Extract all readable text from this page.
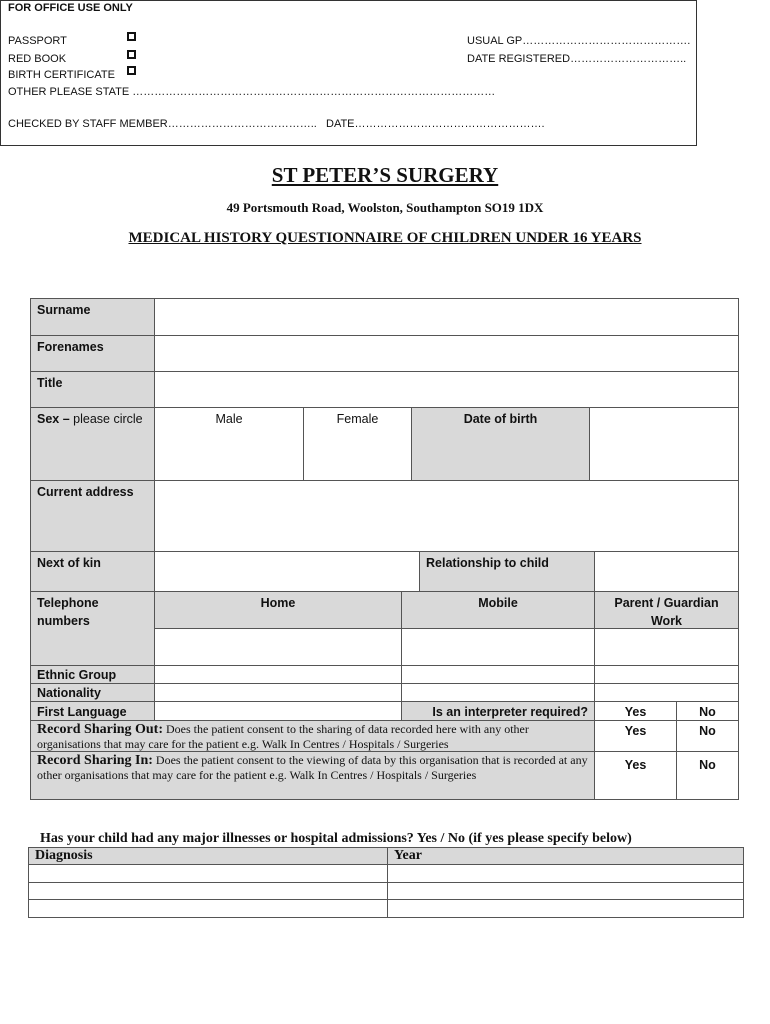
FOR OFFICE USE ONLY
PASSPORT
RED BOOK
BIRTH CERTIFICATE
OTHER PLEASE STATE ………………………………………………………………………………………
CHECKED BY STAFF MEMBER………………………………….. DATE…………………………………………….
USUAL GP……………………………………….
DATE REGISTERED…………………………..
ST PETER’S SURGERY
49 Portsmouth Road, Woolston, Southampton SO19 1DX
MEDICAL HISTORY QUESTIONNAIRE OF CHILDREN UNDER 16 YEARS
Surname
Forenames
Title
Sex – please circle	Male	Female	Date of birth
Current address
Next of kin	Relationship to child
Telephone numbers
Home	Mobile	Parent / Guardian Work
Ethnic Group
Nationality
First Language	Is an interpreter required?	Yes	No
Record Sharing Out: Does the patient consent to the sharing of data recorded here with any other organisations that may care for the patient e.g. Walk In Centres / Hospitals / Surgeries
Yes	No
Record Sharing In: Does the patient consent to the viewing of data by this organisation that is recorded at any other organisations that may care for the patient e.g. Walk In Centres / Hospitals / Surgeries
Yes	No
Has your child had any major illnesses or hospital admissions? Yes / No (if yes please specify below)
Diagnosis	Year
